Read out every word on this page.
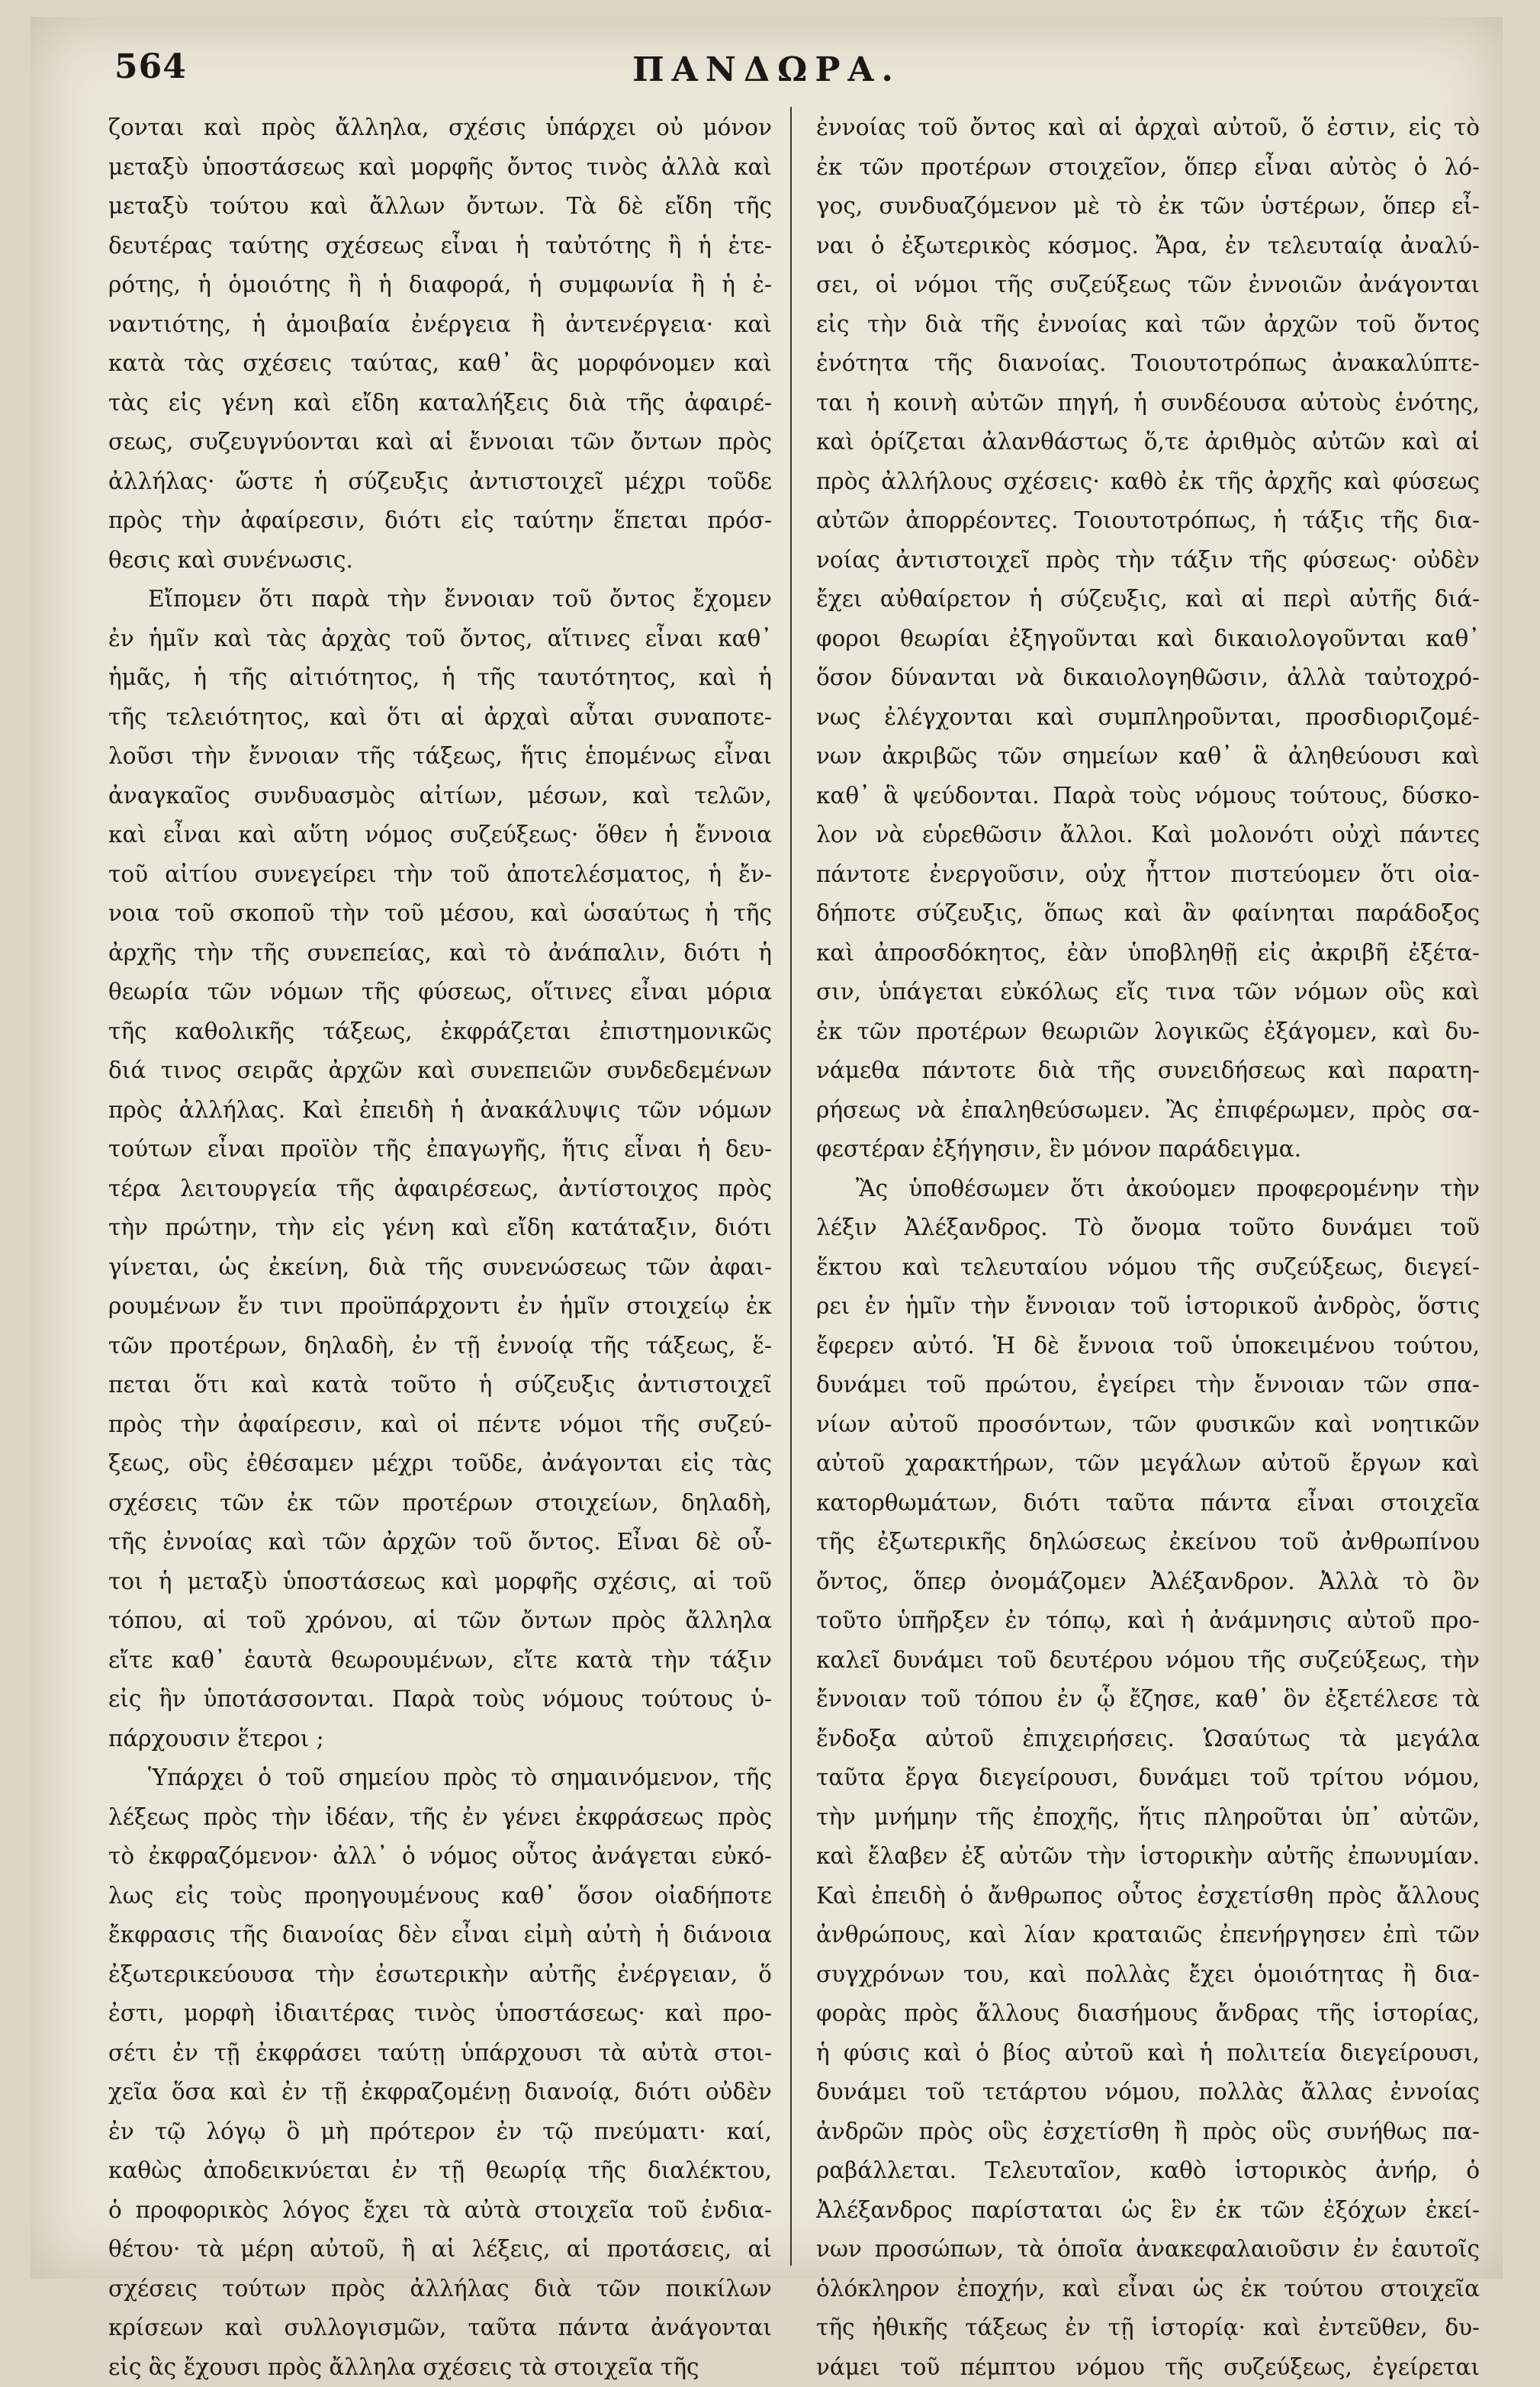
564	ΠΑΝΔΩΡΑ.

ζονται καὶ πρὸς ἄλληλα, σχέσις ὑπάρχει οὐ μόνον

μεταξὺ ὑποστάσεως καὶ μορφῆς ὄντος τινὸς ἀλλὰ καὶ

μεταξὺ τούτου καὶ ἄλλων ὄντων. Τὰ δὲ εἴδη τῆς

δευτέρας ταύτης σχέσεως εἶναι ἡ ταὐτότης ἢ ἡ ἑτε-

ρότης, ἡ ὁμοιότης ἢ ἡ διαφορά, ἡ συμφωνία ἢ ἡ ἐ-

ναντιότης, ἡ ἀμοιβαία ἐνέργεια ἢ ἀντενέργεια· καὶ

κατὰ τὰς σχέσεις ταύτας, καθ᾽ ἃς μορφόνομεν καὶ

τὰς εἰς γένη καὶ εἴδη καταλήξεις διὰ τῆς ἀφαιρέ-

σεως, συζευγνύονται καὶ αἱ ἔννοιαι τῶν ὄντων πρὸς

ἀλλήλας· ὥστε ἡ σύζευξις ἀντιστοιχεῖ μέχρι τοῦδε

πρὸς τὴν ἀφαίρεσιν, διότι εἰς ταύτην ἕπεται πρόσ-

θεσις καὶ συνένωσις.

Εἴπομεν ὅτι παρὰ τὴν ἔννοιαν τοῦ ὄντος ἔχομεν

ἐν ἡμῖν καὶ τὰς ἀρχὰς τοῦ ὄντος, αἵτινες εἶναι καθ᾽

ἡμᾶς, ἡ τῆς αἰτιότητος, ἡ τῆς ταυτότητος, καὶ ἡ

τῆς τελειότητος, καὶ ὅτι αἱ ἀρχαὶ αὗται συναποτε-

λοῦσι τὴν ἔννοιαν τῆς τάξεως, ἥτις ἑπομένως εἶναι

ἀναγκαῖος συνδυασμὸς αἰτίων, μέσων, καὶ τελῶν,

καὶ εἶναι καὶ αὕτη νόμος συζεύξεως· ὅθεν ἡ ἔννοια

τοῦ αἰτίου συνεγείρει τὴν τοῦ ἀποτελέσματος, ἡ ἔν-

νοια τοῦ σκοποῦ τὴν τοῦ μέσου, καὶ ὡσαύτως ἡ τῆς

ἀρχῆς τὴν τῆς συνεπείας, καὶ τὸ ἀνάπαλιν, διότι ἡ

θεωρία τῶν νόμων τῆς φύσεως, οἵτινες εἶναι μόρια

τῆς καθολικῆς τάξεως, ἐκφράζεται ἐπιστημονικῶς

διά τινος σειρᾶς ἀρχῶν καὶ συνεπειῶν συνδεδεμένων

πρὸς ἀλλήλας. Καὶ ἐπειδὴ ἡ ἀνακάλυψις τῶν νόμων

τούτων εἶναι προϊὸν τῆς ἐπαγωγῆς, ἥτις εἶναι ἡ δευ-

τέρα λειτουργεία τῆς ἀφαιρέσεως, ἀντίστοιχος πρὸς

τὴν πρώτην, τὴν εἰς γένη καὶ εἴδη κατάταξιν, διότι

γίνεται, ὡς ἐκείνη, διὰ τῆς συνενώσεως τῶν ἀφαι-

ρουμένων ἔν τινι προϋπάρχοντι ἐν ἡμῖν στοιχείῳ ἐκ

τῶν προτέρων, δηλαδὴ, ἐν τῇ ἐννοίᾳ τῆς τάξεως, ἕ-

πεται ὅτι καὶ κατὰ τοῦτο ἡ σύζευξις ἀντιστοιχεῖ

πρὸς τὴν ἀφαίρεσιν, καὶ οἱ πέντε νόμοι τῆς συζεύ-

ξεως, οὓς ἐθέσαμεν μέχρι τοῦδε, ἀνάγονται εἰς τὰς

σχέσεις τῶν ἐκ τῶν προτέρων στοιχείων, δηλαδὴ,

τῆς ἐννοίας καὶ τῶν ἀρχῶν τοῦ ὄντος. Εἶναι δὲ οὗ-

τοι ἡ μεταξὺ ὑποστάσεως καὶ μορφῆς σχέσις, αἱ τοῦ

τόπου, αἱ τοῦ χρόνου, αἱ τῶν ὄντων πρὸς ἄλληλα

εἴτε καθ᾽ ἑαυτὰ θεωρουμένων, εἴτε κατὰ τὴν τάξιν

εἰς ἣν ὑποτάσσονται. Παρὰ τοὺς νόμους τούτους ὑ-

πάρχουσιν ἕτεροι ;

Ὑπάρχει ὁ τοῦ σημείου πρὸς τὸ σημαινόμενον, τῆς

λέξεως πρὸς τὴν ἰδέαν, τῆς ἐν γένει ἐκφράσεως πρὸς

τὸ ἐκφραζόμενον· ἀλλ᾽ ὁ νόμος οὗτος ἀνάγεται εὐκό-

λως εἰς τοὺς προηγουμένους καθ᾽ ὅσον οἰαδήποτε

ἔκφρασις τῆς διανοίας δὲν εἶναι εἰμὴ αὐτὴ ἡ διάνοια

ἐξωτερικεύουσα τὴν ἐσωτερικὴν αὐτῆς ἐνέργειαν, ὅ

ἐστι, μορφὴ ἰδιαιτέρας τινὸς ὑποστάσεως· καὶ προ-

σέτι ἐν τῇ ἐκφράσει ταύτῃ ὑπάρχουσι τὰ αὐτὰ στοι-

χεῖα ὅσα καὶ ἐν τῇ ἐκφραζομένῃ διανοίᾳ, διότι οὐδὲν

ἐν τῷ λόγῳ ὃ μὴ πρότερον ἐν τῷ πνεύματι· καί,

καθὼς ἀποδεικνύεται ἐν τῇ θεωρίᾳ τῆς διαλέκτου,

ὁ προφορικὸς λόγος ἔχει τὰ αὐτὰ στοιχεῖα τοῦ ἐνδια-

θέτου· τὰ μέρη αὐτοῦ, ἢ αἱ λέξεις, αἱ προτάσεις, αἱ

σχέσεις τούτων πρὸς ἀλλήλας διὰ τῶν ποικίλων

κρίσεων καὶ συλλογισμῶν, ταῦτα πάντα ἀνάγονται

εἰς ἃς ἔχουσι πρὸς ἄλληλα σχέσεις τὰ στοιχεῖα τῆς

ἐννοίας τοῦ ὄντος καὶ αἱ ἀρχαὶ αὐτοῦ, ὅ ἐστιν, εἰς τὸ

ἐκ τῶν προτέρων στοιχεῖον, ὅπερ εἶναι αὐτὸς ὁ λό-

γος, συνδυαζόμενον μὲ τὸ ἐκ τῶν ὑστέρων, ὅπερ εἶ-

ναι ὁ ἐξωτερικὸς κόσμος. Ἄρα, ἐν τελευταίᾳ ἀναλύ-

σει, οἱ νόμοι τῆς συζεύξεως τῶν ἐννοιῶν ἀνάγονται

εἰς τὴν διὰ τῆς ἐννοίας καὶ τῶν ἀρχῶν τοῦ ὄντος

ἑνότητα τῆς διανοίας. Τοιουτοτρόπως ἀνακαλύπτε-

ται ἡ κοινὴ αὐτῶν πηγή, ἡ συνδέουσα αὐτοὺς ἑνότης,

καὶ ὁρίζεται ἀλανθάστως ὅ,τε ἀριθμὸς αὐτῶν καὶ αἱ

πρὸς ἀλλήλους σχέσεις· καθὸ ἐκ τῆς ἀρχῆς καὶ φύσεως

αὐτῶν ἀπορρέοντες. Τοιουτοτρόπως, ἡ τάξις τῆς δια-

νοίας ἀντιστοιχεῖ πρὸς τὴν τάξιν τῆς φύσεως· οὐδὲν

ἔχει αὐθαίρετον ἡ σύζευξις, καὶ αἱ περὶ αὐτῆς διά-

φοροι θεωρίαι ἐξηγοῦνται καὶ δικαιολογοῦνται καθ᾽

ὅσον δύνανται νὰ δικαιολογηθῶσιν, ἀλλὰ ταὐτοχρό-

νως ἐλέγχονται καὶ συμπληροῦνται, προσδιοριζομέ-

νων ἀκριβῶς τῶν σημείων καθ᾽ ἃ ἀληθεύουσι καὶ

καθ᾽ ἃ ψεύδονται. Παρὰ τοὺς νόμους τούτους, δύσκο-

λον νὰ εὑρεθῶσιν ἄλλοι. Καὶ μολονότι οὐχὶ πάντες

πάντοτε ἐνεργοῦσιν, οὐχ ἧττον πιστεύομεν ὅτι οἰα-

δήποτε σύζευξις, ὅπως καὶ ἂν φαίνηται παράδοξος

καὶ ἀπροσδόκητος, ἐὰν ὑποβληθῇ εἰς ἀκριβῆ ἐξέτα-

σιν, ὑπάγεται εὐκόλως εἴς τινα τῶν νόμων οὓς καὶ

ἐκ τῶν προτέρων θεωριῶν λογικῶς ἐξάγομεν, καὶ δυ-

νάμεθα πάντοτε διὰ τῆς συνειδήσεως καὶ παρατη-

ρήσεως νὰ ἐπαληθεύσωμεν. Ἂς ἐπιφέρωμεν, πρὸς σα-

φεστέραν ἐξήγησιν, ἓν μόνον παράδειγμα.

Ἂς ὑποθέσωμεν ὅτι ἀκούομεν προφερομένην τὴν

λέξιν Ἀλέξανδρος. Τὸ ὄνομα τοῦτο δυνάμει τοῦ

ἕκτου καὶ τελευταίου νόμου τῆς συζεύξεως, διεγεί-

ρει ἐν ἡμῖν τὴν ἔννοιαν τοῦ ἱστορικοῦ ἀνδρὸς, ὅστις

ἔφερεν αὐτό. Ἡ δὲ ἔννοια τοῦ ὑποκειμένου τούτου,

δυνάμει τοῦ πρώτου, ἐγείρει τὴν ἔννοιαν τῶν σπα-

νίων αὐτοῦ προσόντων, τῶν φυσικῶν καὶ νοητικῶν

αὐτοῦ χαρακτήρων, τῶν μεγάλων αὐτοῦ ἔργων καὶ

κατορθωμάτων, διότι ταῦτα πάντα εἶναι στοιχεῖα

τῆς ἐξωτερικῆς δηλώσεως ἐκείνου τοῦ ἀνθρωπίνου

ὄντος, ὅπερ ὀνομάζομεν Ἀλέξανδρον. Ἀλλὰ τὸ ὂν

τοῦτο ὑπῆρξεν ἐν τόπῳ, καὶ ἡ ἀνάμνησις αὐτοῦ προ-

καλεῖ δυνάμει τοῦ δευτέρου νόμου τῆς συζεύξεως, τὴν

ἔννοιαν τοῦ τόπου ἐν ᾧ ἔζησε, καθ᾽ ὃν ἐξετέλεσε τὰ

ἔνδοξα αὐτοῦ ἐπιχειρήσεις. Ὡσαύτως τὰ μεγάλα

ταῦτα ἔργα διεγείρουσι, δυνάμει τοῦ τρίτου νόμου,

τὴν μνήμην τῆς ἐποχῆς, ἥτις πληροῦται ὑπ᾽ αὐτῶν,

καὶ ἔλαβεν ἐξ αὐτῶν τὴν ἱστορικὴν αὐτῆς ἐπωνυμίαν.

Καὶ ἐπειδὴ ὁ ἄνθρωπος οὗτος ἐσχετίσθη πρὸς ἄλλους

ἀνθρώπους, καὶ λίαν κραταιῶς ἐπενήργησεν ἐπὶ τῶν

συγχρόνων του, καὶ πολλὰς ἔχει ὁμοιότητας ἢ δια-

φορὰς πρὸς ἄλλους διασήμους ἄνδρας τῆς ἱστορίας,

ἡ φύσις καὶ ὁ βίος αὐτοῦ καὶ ἡ πολιτεία διεγείρουσι,

δυνάμει τοῦ τετάρτου νόμου, πολλὰς ἄλλας ἐννοίας

ἀνδρῶν πρὸς οὓς ἐσχετίσθη ἢ πρὸς οὓς συνήθως πα-

ραβάλλεται. Τελευταῖον, καθὸ ἱστορικὸς ἀνήρ, ὁ

Ἀλέξανδρος παρίσταται ὡς ἓν ἐκ τῶν ἐξόχων ἐκεί-

νων προσώπων, τὰ ὁποῖα ἀνακεφαλαιοῦσιν ἐν ἑαυτοῖς

ὁλόκληρον ἐποχήν, καὶ εἶναι ὡς ἐκ τούτου στοιχεῖα

τῆς ἠθικῆς τάξεως ἐν τῇ ἱστορίᾳ· καὶ ἐντεῦθεν, δυ-

νάμει τοῦ πέμπτου νόμου τῆς συζεύξεως, ἐγείρεται
